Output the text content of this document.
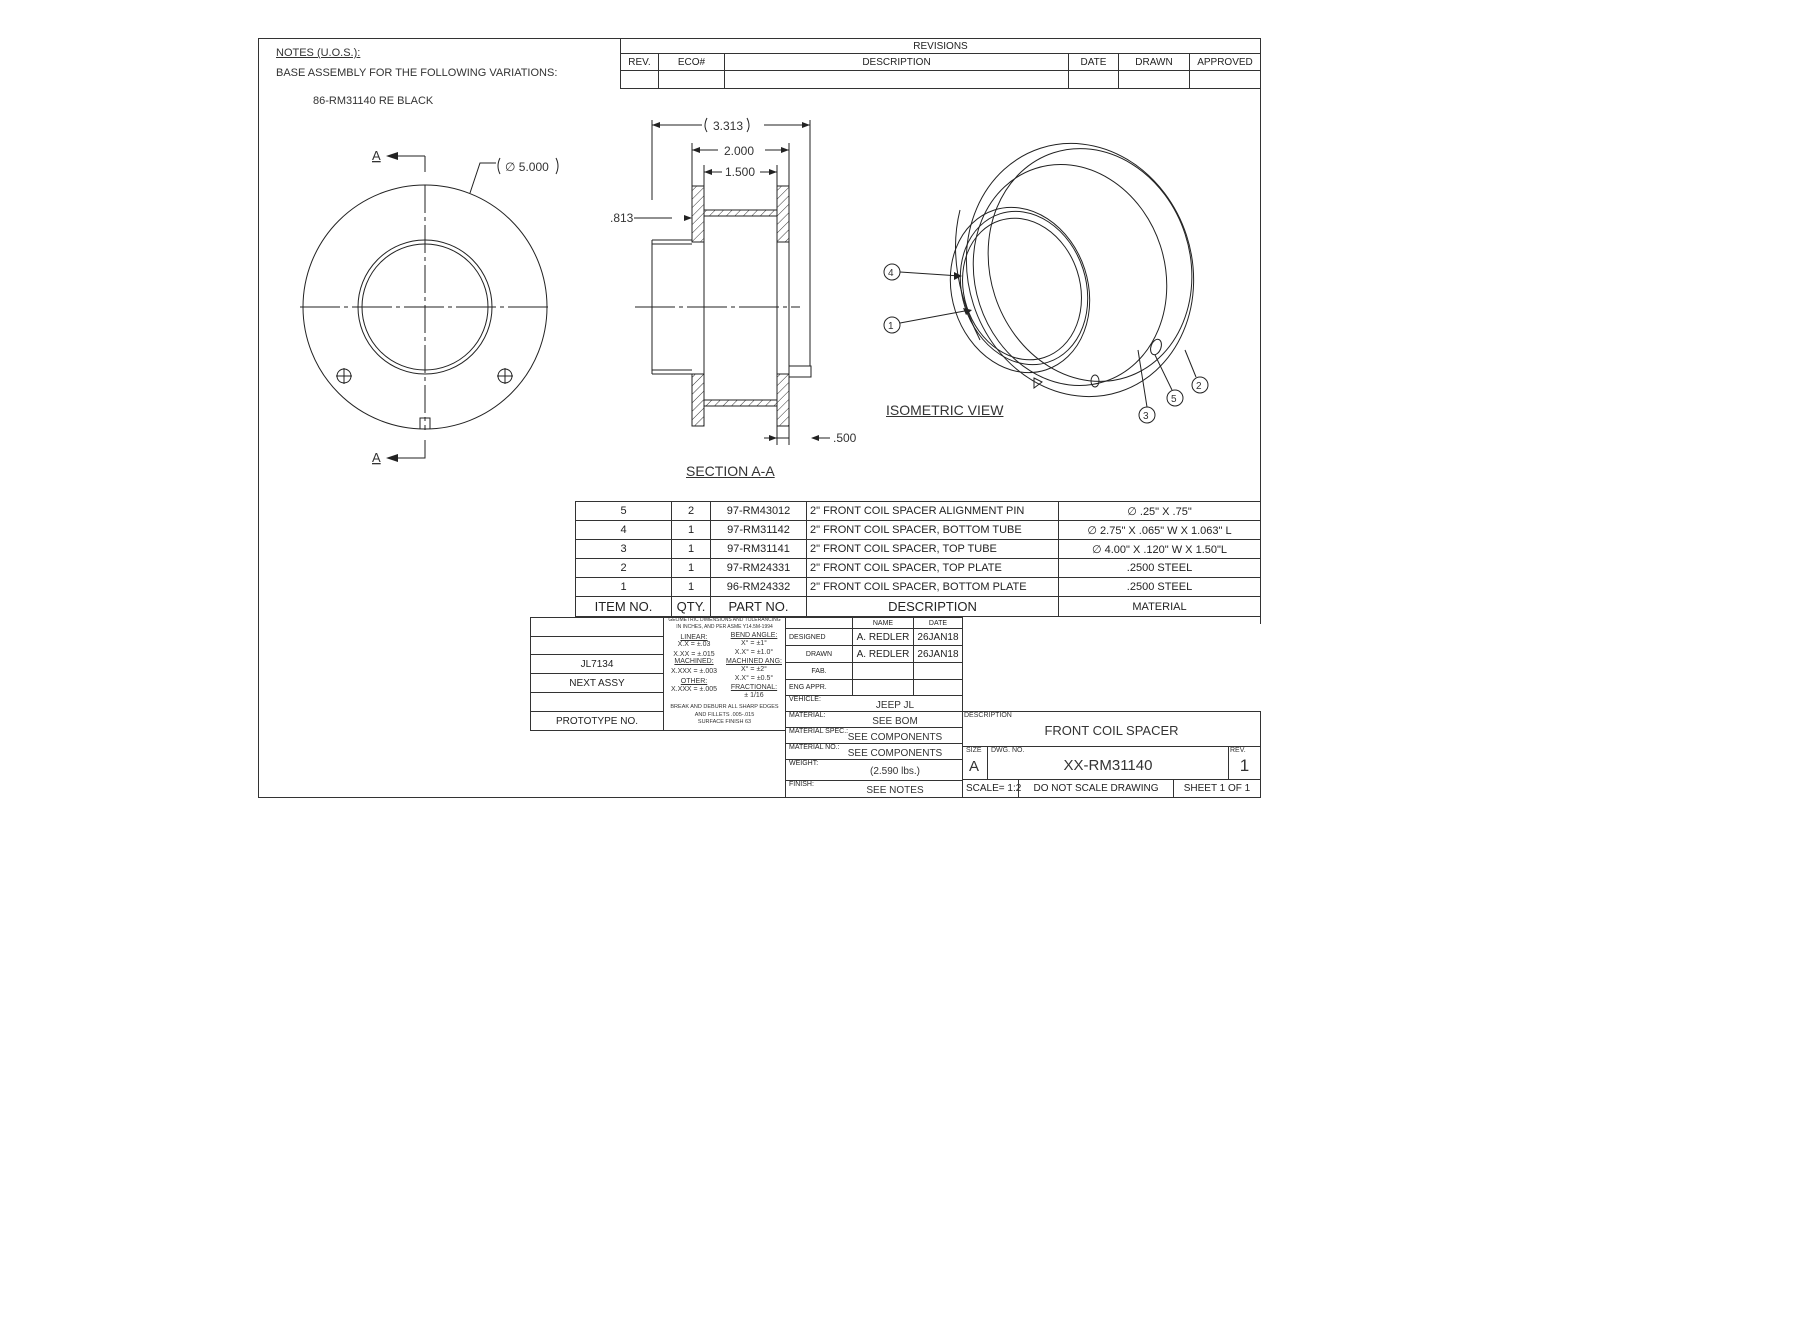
NOTES (U.O.S.):
BASE ASSEMBLY FOR THE FOLLOWING VARIATIONS:
86-RM31140 RE BLACK
REVISIONS
REV.	ECO#	DESCRIPTION	DATE	DRAWN	APPROVED
A
A
∅ 5.000
3.313
2.000
1.500
.813
.500
SECTION A-A
4
1
3
5
2
ISOMETRIC VIEW
5	2	97-RM43012	2" FRONT COIL SPACER ALIGNMENT PIN	∅ .25" X .75"
4	1	97-RM31142	2" FRONT COIL SPACER, BOTTOM TUBE	∅ 2.75" X .065" W X 1.063" L
3	1	97-RM31141	2" FRONT COIL SPACER, TOP TUBE	∅ 4.00" X .120" W X 1.50"L
2	1	97-RM24331	2" FRONT COIL SPACER, TOP PLATE	.2500 STEEL
1	1	96-RM24332	2" FRONT COIL SPACER, BOTTOM PLATE	.2500 STEEL
ITEM NO.	QTY.	PART NO.	DESCRIPTION	MATERIAL
JL7134
NEXT ASSY
PROTOTYPE NO.
GEOMETRIC DIMENSIONS AND TOLERANCING
IN INCHES, AND PER ASME Y14.5M-1994
LINEAR:
X.X = ±.03
X.XX = ±.015
MACHINED:
X.XXX = ±.003
OTHER:
X.XXX = ±.005
BEND ANGLE:
X° = ±1°
X.X° = ±1.0°
MACHINED ANG:
X° = ±2°
X.X° = ±0.5°
FRACTIONAL:
± 1/16
BREAK AND DEBURR ALL SHARP EDGES
AND FILLETS .005-.015
SURFACE FINISH 63
NAME	DATE
DESIGNED	A. REDLER 26JAN18
DRAWN	A. REDLER 26JAN18
FAB.
ENG APPR.
VEHICLE:
JEEP JL
MATERIAL:
SEE BOM
MATERIAL SPEC.:
SEE COMPONENTS
MATERIAL NO.:
SEE COMPONENTS
WEIGHT:
(2.590 lbs.)
FINISH:
SEE NOTES
DESCRIPTION
FRONT COIL SPACER
SIZE
A
DWG. NO.
XX-RM31140
REV.
1
SCALE= 1:2	DO NOT SCALE DRAWING	SHEET 1 OF 1
